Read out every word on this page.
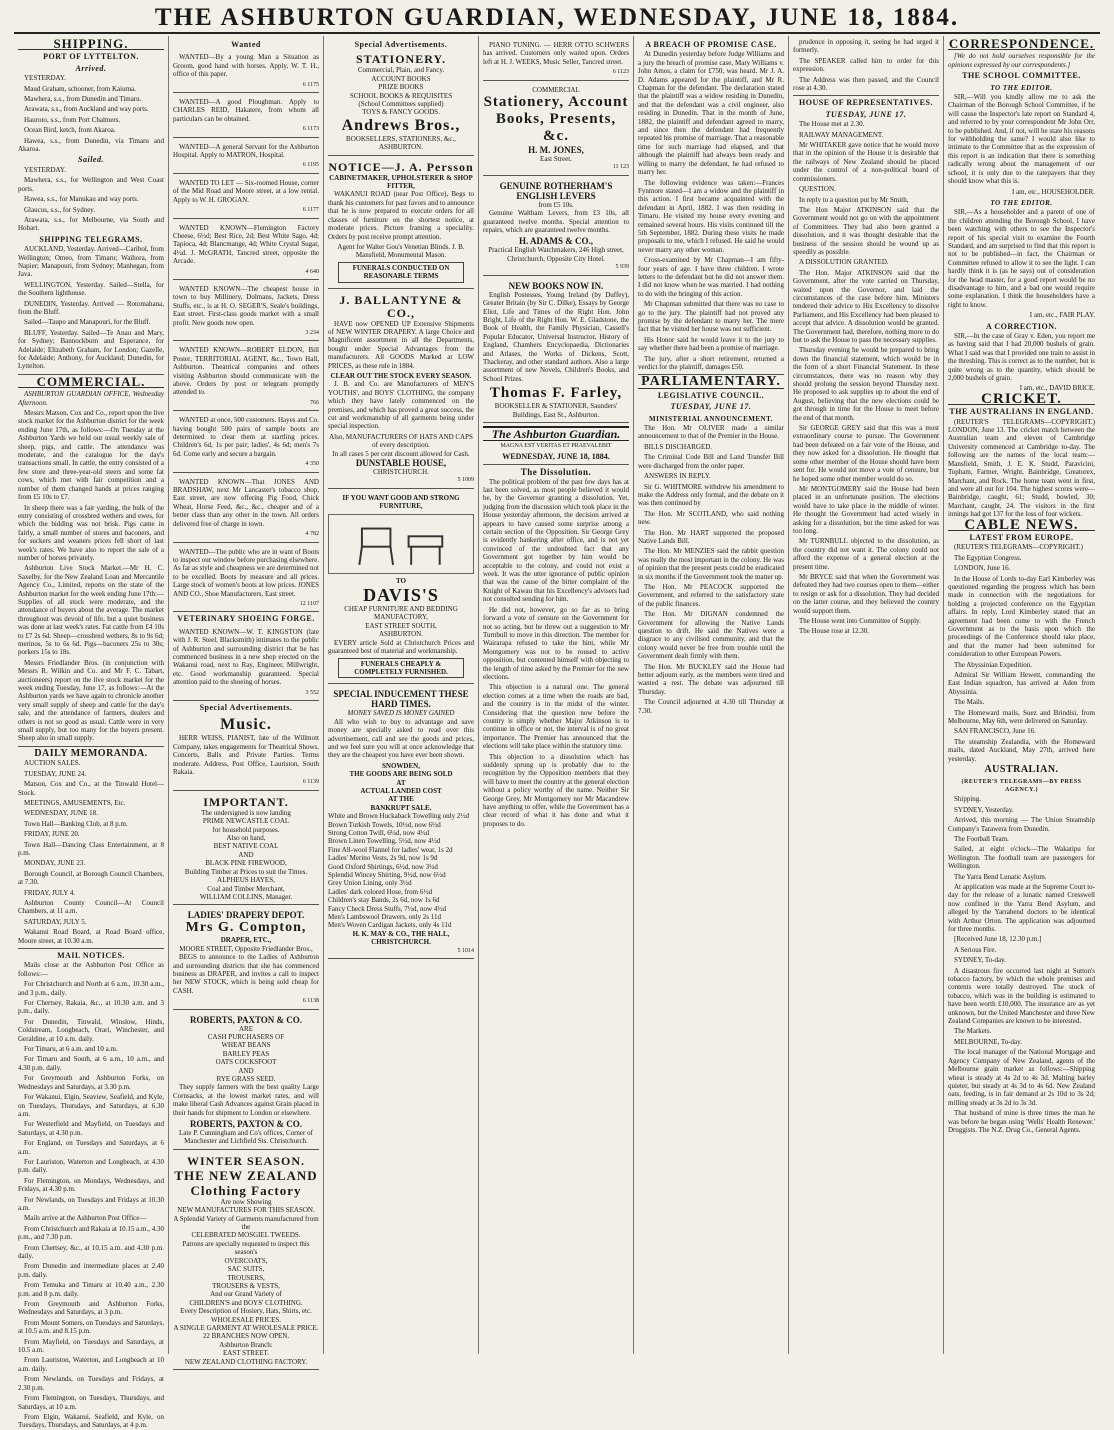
THE ASHBURTON GUARDIAN, WEDNESDAY, JUNE 18, 1884.
SHIPPING.
PORT OF LYTTELTON.
Arrived.
YESTERDAY.
Maud Graham, schooner, from Kaiuma.
Mawhera, s.s., from Dunedin and Timaru.
Arawata, s.s., from Auckland and way ports.
Hauroto, s.s., from Port Chalmers.
Ocean Bird, ketch, from Akaroa.
Hawea, s.s., from Dunedin, via Timaru and Akaroa.
Sailed.
YESTERDAY.
Mawhera, s.s., for Wellington and West Coast ports.
Hawea, s.s., for Manukau and way ports.
Glaucus, s.s., for Sydney.
Arawata, s.s., for Melbourne, via South and Hobart.
SHIPPING TELEGRAMS.
AUCKLAND, Yesterday. Arrived—Caribol, from Wellington; Omeo, from Timaru; Waihora, from Napier; Manapouri, from Sydney; Manhegan, from Java.
WELLINGTON, Yesterday. Sailed—Stella, for the Southern lighthouse.
DUNEDIN, Yesterday. Arrived — Rotomahana, from the Bluff.
Sailed—Taupo and Manapouri, for the Bluff.
BLUFF, Yesterday. Sailed—Te Anau and Mary, for Sydney; Bannockburn and Esperance, for Adelaide; Elizabeth Graham, for London; Gazelle, for Adelaide; Anthony, for Auckland; Dunedin, for Lyttelton.
COMMERCIAL.
ASHBURTON GUARDIAN OFFICE, Wednesday Afternoon.
Messrs Matson, Cox and Co., report upon the live stock market for the Ashburton district for the week ending June 17th, as follows:—On Tuesday at the Ashburton Yards we held our usual weekly sale of sheep, pigs, and cattle. The attendance was moderate, and the catalogue for the day's transactions small. In cattle, the entry consisted of a few store and three-year-old steers and some fat cows, which met with fair competition and a number of them changed hands at prices ranging from £5 10s to £7.
In sheep there was a fair yarding, the bulk of the entry consisting of crossbred wethers and ewes, for which the bidding was not brisk. Pigs came in fairly, a small number of stores and baconers, and for suckers and weaners prices fell short of last week's rates. We have also to report the sale of a number of horses privately.
Ashburton Live Stock Market.—Mr H. C. Saxelby, for the New Zealand Loan and Mercantile Agency Co., Limited, reports on the state of the Ashburton market for the week ending June 17th:—Supplies of all stock were moderate, and the attendance of buyers about the average. The market throughout was devoid of life, but a quiet business was done at last week's rates. Fat cattle from £4 10s to £7 2s 6d. Sheep—crossbred wethers, 8s to 9s 6d; merinos, 5s to 6s 6d. Pigs—baconers 25s to 30s; porkers 15s to 18s.
Messrs Friedlander Bros. (in conjunction with Messrs R. Wilkin and Co. and Mr F. C. Tabart, auctioneers) report on the live stock market for the week ending Tuesday, June 17, as follows:—At the Ashburton yards we have again to chronicle another very small supply of sheep and cattle for the day's sale, and the attendance of farmers, dealers and others is not so good as usual. Cattle were in very small supply, but too many for the buyers present. Sheep also in small supply.
DAILY MEMORANDA.
AUCTION SALES.
TUESDAY, JUNE 24.
Matson, Cox and Co., at the Tinwald Hotel—Stock.
MEETINGS, AMUSEMENTS, Etc.
WEDNESDAY, JUNE 18.
Town Hall—Banking Club, at 8 p.m.
FRIDAY, JUNE 20.
Town Hall—Dancing Class Entertainment, at 8 p.m.
MONDAY, JUNE 23.
Borough Council, at Borough Council Chambers, at 7.30.
FRIDAY, JULY 4.
Ashburton County Council—At Council Chambers, at 11 a.m.
SATURDAY, JULY 5.
Wakanui Road Board, at Road Board office, Moore street, at 10.30 a.m.
MAIL NOTICES.
Mails close at the Ashburton Post Office as follows:—
For Christchurch and North at 6 a.m., 10.30 a.m., and 3 p.m., daily.
For Chertsey, Rakaia, &c., at 10.30 a.m. and 3 p.m., daily.
For Dunedin, Tinwald, Winslow, Hinds, Coldstream, Longbeach, Orari, Winchester, and Geraldine, at 10 a.m. daily.
For Timaru, at 6 a.m. and 10 a.m.
For Timaru and South, at 6 a.m., 10 a.m., and 4.30 p.m. daily.
For Greymouth and Ashburton Forks, on Wednesdays and Saturdays, at 3.30 p.m.
For Wakanui, Elgin, Seaview, Seafield, and Kyle, on Tuesdays, Thursdays, and Saturdays, at 6.30 a.m.
For Westerfield and Mayfield, on Tuesdays and Saturdays, at 4.30 p.m.
For England, on Tuesdays and Saturdays, at 6 a.m.
For Lauriston, Waterton and Longbeach, at 4.30 p.m. daily.
For Flemington, on Mondays, Wednesdays, and Fridays, at 4.30 p.m.
For Newlands, on Tuesdays and Fridays at 10.30 a.m.
Mails arrive at the Ashburton Post Office—
From Christchurch and Rakaia at 10.15 a.m., 4.30 p.m., and 7.30 p.m.
From Chertsey, &c., at 10.15 a.m. and 4.30 p.m. daily.
From Dunedin and intermediate places at 2.40 p.m. daily.
From Temuka and Timaru at 10.40 a.m., 2.30 p.m. and 8 p.m. daily.
From Greymouth and Ashburton Forks, Wednesdays and Saturdays, at 3 p.m.
From Mount Somers, on Tuesdays and Saturdays, at 10.5 a.m. and 8.15 p.m.
From Mayfield, on Tuesdays and Saturdays, at 10.5 a.m.
From Lauriston, Waterton, and Longbeach at 10 a.m. daily.
From Newlands, on Tuesdays and Fridays, at 2.30 p.m.
From Flemington, on Tuesdays, Thursdays, and Saturdays, at 10 a.m.
From Elgin, Wakanui, Seafield, and Kyle, on Tuesdays, Thursdays, and Saturdays, at 4 p.m.
Wanted
WANTED—By a young Man a Situation as Groom, good hand with horses. Apply, W. T. H., office of this paper.
6 1175
WANTED—A good Ploughman. Apply to CHARLES REID, Hakatere, from whom all particulars can be obtained.
6 1173
WANTED—A general Servant for the Ashburton Hospital. Apply to MATRON, Hospital.
6 1195
WANTED TO LET — Six-roomed House, corner of the Mid Road and Moore street, at a low rental. Apply to W. H. GROGAN.
6 1177
WANTED KNOWN—Flemington Factory Cheese, 6½d; Best Rice, 2d; Best White Sago, 4d; Tapioca, 4d; Blancmange, 4d; White Crystal Sugar, 4½d. J. McGRATH, Tancred street, opposite the Arcade.
4 640
WANTED KNOWN—The cheapest house in town to buy Millinery, Dolmans, Jackets, Dress Stuffs, etc., is at H. O. SEGER'S, Seale's buildings, East street. First-class goods market with a small profit. New goods now open.
3 234
WANTED KNOWN—ROBERT ELDON, Bill Poster, TERRITORIAL AGENT, &c., Town Hall, Ashburton. Theatrical companies and others visiting Ashburton should communicate with the above. Orders by post or telegram promptly attended to.
766
WANTED at once, 500 customers. Hayes and Co. having bought 500 pairs of sample boots are determined to clear them at startling prices. Children's 6d, 1s per pair; ladies', 4s 6d; men's 7s 6d. Come early and secure a bargain.
4 350
WANTED KNOWN—That JONES AND BRADSHAW, next Mr Lancaster's tobacco shop, East street, are now offering Pig Food, Chick Wheat, Horse Feed, &c., &c., cheaper and of a better class than any other in the town. All orders delivered free of charge in town.
4 782
WANTED—The public who are in want of Boots to inspect our window before purchasing elsewhere. As far as style and cheapness we are determined not to be excelled. Boots by measure and all prices. Large stock of women's boots at low prices. JONES AND CO., Shoe Manufacturers, East street.
12 1107
VETERINARY SHOEING FORGE.
WANTED KNOWN—W. T. KINGSTON (late with J. R. Steel, Blacksmith) intimates to the public of Ashburton and surrounding district that he has commenced business in a new shop erected on the Wakanui road, next to Ray, Engineer, Millwright, etc. Good workmanship guaranteed. Special attention paid to the shoeing of horses.
3 552
Special Advertisements.
Music.
HERR WEISS, PIANIST, late of the Willmott Company, takes engagements for Theatrical Shows, Concerts, Balls and Private Parties. Terms moderate. Address, Post Office, Lauriston, South Rakaia.
6 1139
IMPORTANT.
The undersigned is now landing
PRIME NEWCASTLE COAL
for household purposes.
Also on hand,
BEST NATIVE COAL
AND
BLACK PINE FIREWOOD,
Building Timber at Prices to suit the Times.
ALPHEUS HAYES,
Coal and Timber Merchant,
WILLIAM COLLINS, Manager.
LADIES' DRAPERY DEPOT.
Mrs G. Compton,
DRAPER, ETC.,
MOORE STREET, Opposite Friedlander Bros.,
BEGS to announce to the Ladies of Ashburton and surrounding districts that she has commenced business as DRAPER, and invites a call to inspect her NEW STOCK, which is being sold cheap for CASH.
6 1138
ROBERTS, PAXTON & CO.
ARE
CASH PURCHASERS OF
WHEAT BEANS
BARLEY PEAS
OATS COCKSFOOT
AND
RYE GRASS SEED.
They supply farmers with the best quality Large Cornsacks, at the lowest market rates, and will make liberal Cash Advances against Grain placed in their hands for shipment to London or elsewhere.
ROBERTS, PAXTON & CO.
Late P. Cunningham and Co's offices, Corner of Manchester and Lichfield Sts. Christchurch.
WINTER SEASON.
THE NEW ZEALAND Clothing Factory
Are now Showing
NEW MANUFACTURES FOR THIS SEASON.
A Splendid Variety of Garments manufactured from the
CELEBRATED MOSGIEL TWEEDS.
Patrons are specially requested to inspect this season's
OVERCOATS,
SAC SUITS,
TROUSERS,
TROUSERS & VESTS,
And our Grand Variety of
CHILDREN'S and BOYS' CLOTHING.
Every Description of Hosiery, Hats, Shirts, etc.
WHOLESALE PRICES.
A SINGLE GARMENT AT WHOLESALE PRICE.
22 BRANCHES NOW OPEN.
Ashburton Branch:
EAST STREET.
NEW ZEALAND CLOTHING FACTORY.
Special Advertisements.
STATIONERY.
Commercial, Plain, and Fancy.
ACCOUNT BOOKS
PRIZE BOOKS
SCHOOL BOOKS & REQUISITES
(School Committees supplied)
TOYS & FANCY GOODS.
Andrews Bros.,
BOOKSELLERS, STATIONERS, &c., ASHBURTON.
NOTICE—J. A. Persson
CABINETMAKER, UPHOLSTERER & SHOP FITTER,
WAKANUI ROAD (near Post Office), Begs to thank his customers for past favors and to announce that he is now prepared to execute orders for all classes of furniture on the shortest notice, at moderate prices. Picture framing a speciality. Orders by post receive prompt attention.
Agent for Walter Gou's Venetian Blinds. J. B. Mansfield, Monumental Mason.
FUNERALS CONDUCTED ON REASONABLE TERMS
J. BALLANTYNE & CO.,
HAVE now OPENED UP Extensive Shipments of NEW WINTER DRAPERY. A large Choice and Magnificent assortment in all the Departments, bought under Special Advantages from the manufacturers. All GOODS Marked at LOW PRICES, as these rule in 1884.
CLEAR OUT THE STOCK EVERY SEASON.
J. B. and Co. are Manufacturers of MEN'S YOUTHS', and BOYS' CLOTHING, the company which they have lately commenced on the premises, and which has proved a great success, the cut and workmanship of all garments being under special inspection.
Also, MANUFACTURERS OF HATS AND CAPS of every description.
In all cases 5 per cent discount allowed for Cash.
DUNSTABLE HOUSE,
CHRISTCHURCH.
5 1009
IF YOU WANT GOOD AND STRONG FURNITURE,
TO
DAVIS'S
CHEAP FURNITURE AND BEDDING MANUFACTORY,
EAST STREET SOUTH,
ASHBURTON.
EVERY article Sold at Christchurch Prices and guaranteed best of material and workmanship.
FUNERALS CHEAPLY & COMPLETELY FURNISHED.
SPECIAL INDUCEMENT THESE HARD TIMES.
MONEY SAVED IS MONEY GAINED
All who wish to buy to advantage and save money are specially asked to read over this advertisement, call and see the goods and prices, and we feel sure you will at once acknowledge that they are the cheapest you have ever been shown.
SNOWDEN,
THE GOODS ARE BEING SOLD
AT
ACTUAL LANDED COST
AT THE
BANKRUPT SALE.
White and Brown Huckaback Towelling only 2½d
Brown Turkish Towels, 10½d, now 6½d
Strong Cotton Twill, 6¼d, now 4½d
Brown Linen Towelling, 5½d, now 4½d
Fine All-wool Flannel for ladies' wear, 1s 2d
Ladies' Merino Vests, 2s 9d, now 1s 9d
Good Oxford Shirtings, 6½d, now 3¼d
Splendid Wincey Shirting, 9½d, now 6½d
Grey Union Lining, only 3½d
Ladies' dark colored Hose, from 6½d
Children's stay Bands, 2s 6d, now 1s 6d
Fancy Check Dress Stuffs, 7½d, now 4½d
Men's Lambswool Drawers, only 2s 11d
Men's Woven Cardigan Jackets, only 4s 11d
H. K. MAY & CO., THE HALL, CHRISTCHURCH.
5 1014
PIANO TUNING. — HERR OTTO SCHWERS has arrived. Customers only waited upon. Orders left at H. J. WEEKS, Music Seller, Tancred street.
6 1123
COMMERCIAL
Stationery, Account Books, Presents, &c.
H. M. JONES,
East Street.
11 123
GENUINE ROTHERHAM'S ENGLISH LEVERS
from £5 10s.
Genuine Waltham Levers, from £3 10s, all guaranteed twelve months. Special attention to repairs, which are guaranteed twelve months.
H. ADAMS & CO.,
Practical English Watchmakers, 246 High street, Christchurch, Opposite City Hotel.
5 939
NEW BOOKS NOW IN.
English Postesses, Young Ireland (by Duffey), Greater Britain (by Sir C. Dilke), Essays by George Eliot, Life and Times of the Right Hon. John Bright, Life of the Right Hon. W. E. Gladstone, the Book of Health, the Family Physician, Cassell's Popular Educator, Universal Instructor, History of England, Chambers Encyclopaedia, Dictionaries and Atlases, the Works of Dickens, Scott, Thackeray, and other standard authors. Also a large assortment of new Novels, Children's Books, and School Prizes.
Thomas F. Farley,
BOOKSELLER & STATIONER, Saunders' Buildings, East St., Ashburton.
The Ashburton Guardian.
MAGNA EST VERITAS ET PRAEVALEBIT
WEDNESDAY, JUNE 18, 1884.
The Dissolution.
The political problem of the past few days has at last been solved, as most people believed it would be, by the Governor granting a dissolution. Yet, judging from the discussion which took place in the House yesterday afternoon, the decision arrived at appears to have caused some surprise among a certain section of the Opposition. Sir George Grey is evidently hankering after office, and is not yet convinced of the undoubted fact that any Government got together by him would be acceptable to the colony, and could not exist a week. It was the utter ignorance of public opinion that was the cause of the bitter complaint of the Knight of Kawau that his Excellency's advisers had not consulted sending for him.
He did not, however, go so far as to bring forward a vote of censure on the Government for not so acting, but he threw out a suggestion to Mr Turnbull to move in this direction. The member for Wairarapa refused to take the hint, while Mr Montgomery was not to be roused to active opposition, but contented himself with objecting to the length of time asked by the Premier for the new elections.
This objection is a natural one. The general election comes at a time when the roads are bad, and the country is in the midst of the winter. Considering that the question now before the country is simply whether Major Atkinson is to continue in office or not, the interval is of no great importance. The Premier has announced that the elections will take place within the statutory time.
This objection to a dissolution which has suddenly sprung up is probably due to the recognition by the Opposition members that they will have to meet the country at the general election without a policy worthy of the name. Neither Sir George Grey, Mr Montgomery nor Mr Macandrew have anything to offer, while the Government has a clear record of what it has done and what it proposes to do.
A BREACH OF PROMISE CASE.
At Dunedin yesterday before Judge Williams and a jury the breach of promise case, Mary Williams v. John Amos, a claim for £750, was heard. Mr J. A. D. Adams appeared for the plaintiff, and Mr R. Chapman for the defendant. The declaration stated that the plaintiff was a widow residing in Dunedin, and that the defendant was a civil engineer, also residing in Dunedin. That in the month of June, 1882, the plaintiff and defendant agreed to marry, and since then the defendant had frequently repeated his promise of marriage. That a reasonable time for such marriage had elapsed, and that although the plaintiff had always been ready and willing to marry the defendant, he had refused to marry her.
The following evidence was taken:—Frances Fynmore stated—I am a widow and the plaintiff in this action. I first became acquainted with the defendant in April, 1882. I was then residing in Timaru. He visited my house every evening and remained several hours. His visits continued till the 5th September, 1882. During these visits he made proposals to me, which I refused. He said he would never marry any other woman.
Cross-examined by Mr Chapman—I am fifty-four years of age. I have three children. I wrote letters to the defendant but he did not answer them. I did not know when he was married. I had nothing to do with the bringing of this action.
Mr Chapman submitted that there was no case to go to the jury. The plaintiff had not proved any promise by the defendant to marry her. The mere fact that he visited her house was not sufficient.
His Honor said he would leave it to the jury to say whether there had been a promise of marriage.
The jury, after a short retirement, returned a verdict for the plaintiff, damages £50.
PARLIAMENTARY.
LEGISLATIVE COUNCIL.
TUESDAY, JUNE 17.
MINISTERIAL ANNOUNCEMENT.
The Hon. Mr OLIVER made a similar announcement to that of the Premier in the House.
BILLS DISCHARGED.
The Criminal Code Bill and Land Transfer Bill were discharged from the order paper.
ANSWERS IN REPLY.
Sir G. WHITMORE withdrew his amendment to make the Address only formal, and the debate on it was then continued by
The Hon. Mr SCOTLAND, who said nothing new.
The Hon. Mr HART supported the proposed Native Lands Bill.
The Hon. Mr MENZIES said the rabbit question was really the most important in the colony. He was of opinion that the present pests could be eradicated in six months if the Government took the matter up.
The Hon. Mr PEACOCK supported the Government, and referred to the satisfactory state of the public finances.
The Hon. Mr DIGNAN condemned the Government for allowing the Native Lands question to drift. He said the Natives were a disgrace to any civilised community, and that the colony would never be free from trouble until the Government dealt firmly with them.
The Hon. Mr BUCKLEY said the House had better adjourn early, as the members were tired and wanted a rest. The debate was adjourned till Thursday.
The Council adjourned at 4.30 till Thursday at 7.30.
prudence in opposing it, seeing he had urged it formerly.
The SPEAKER called him to order for this expression.
The Address was then passed, and the Council rose at 4.30.
HOUSE OF REPRESENTATIVES.
TUESDAY, JUNE 17.
The House met at 2.30.
RAILWAY MANAGEMENT.
Mr WHITAKER gave notice that he would move that in the opinion of the House it is desirable that the railways of New Zealand should be placed under the control of a non-political board of commissioners.
QUESTION.
In reply to a question put by Mr Smith,
The Hon Major ATKINSON said that the Government would not go on with the appointment of Committees. They had also been granted a dissolution, and it was thought desirable that the business of the session should be wound up as speedily as possible.
A DISSOLUTION GRANTED.
The Hon. Major ATKINSON said that the Government, after the vote carried on Thursday, waited upon the Governor, and laid the circumstances of the case before him. Ministers tendered their advice to His Excellency to dissolve Parliament, and His Excellency had been pleased to accept that advice. A dissolution would be granted. The Government had, therefore, nothing more to do but to ask the House to pass the necessary supplies.
Thursday evening he would be prepared to bring down the financial statement, which would be in the form of a short Financial Statement. In these circumstances, there was no reason why they should prolong the session beyond Thursday next. He proposed to ask supplies up to about the end of August, believing that the new elections could be got through in time for the House to meet before the end of that month.
Sir GEORGE GREY said that this was a most extraordinary course to pursue. The Government had been defeated on a fair vote of the House, and they now asked for a dissolution. He thought that some other member of the House should have been sent for. He would not move a vote of censure, but he hoped some other member would do so.
Mr MONTGOMERY said the House had been placed in an unfortunate position. The elections would have to take place in the middle of winter. He thought the Government had acted wisely in asking for a dissolution, but the time asked for was too long.
Mr TURNBULL objected to the dissolution, as the country did not want it. The colony could not afford the expense of a general election at the present time.
Mr BRYCE said that when the Government was defeated they had two courses open to them—either to resign or ask for a dissolution. They had decided on the latter course, and they believed the country would support them.
The House went into Committee of Supply.
The House rose at 12.30.
CORRESPONDENCE.
[We do not hold ourselves responsible for the opinions expressed by our correspondents.]
THE SCHOOL COMMITTEE.
TO THE EDITOR.
SIR,—Will you kindly allow me to ask the Chairman of the Borough School Committee, if he will cause the Inspector's late report on Standard 4, and referred to by your correspondent Mr John Orr, to be published. And, if not, will he state his reasons for withholding the same? I would also like to intimate to the Committee that as the expression of this report is an indication that there is something radically wrong about the management of our school, it is only due to the ratepayers that they should know what this is.
I am, etc., HOUSEHOLDER.
TO THE EDITOR.
SIR,—As a householder and a parent of one of the children attending the Borough School, I have been watching with others to see the Inspector's report of his special visit to examine the Fourth Standard, and am surprised to find that this report is not to be published—in fact, the Chairman or Committee refused to allow it to see the light. I can hardly think it is (as he says) out of consideration for the head master, for a good report would be no disadvantage to him, and a bad one would require some explanation. I think the householders have a right to know.
I am, etc., FAIR PLAY.
A CORRECTION.
SIR,—In the case of Gray v. Eden, you report me as having said that I had 20,000 bushels of grain. What I said was that I provided one train to assist in the threshing. This is correct as to the number, but is quite wrong as to the quantity, which should be 2,000 bushels of grain.
I am, etc., DAVID BRICE.
CRICKET.
THE AUSTRALIANS IN ENGLAND.
(REUTER'S TELEGRAMS—COPYRIGHT.) LONDON, June 13. The cricket match between the Australian team and eleven of Cambridge University commenced at Cambridge to-day. The following are the names of the local team:—Mansfield, Smith, J. E. K. Studd, Paravicini, Topham, Farmer, Wright, Bainbridge, Greatorex, Marchant, and Rock. The home team went in first, and were all out for 104. The highest scores were—Bainbridge, caught, 61; Studd, bowled, 30; Marchant, caught, 24. The visitors in the first innings had got 137 for the loss of four wickets.
CABLE NEWS.
LATEST FROM EUROPE.
(REUTER'S TELEGRAMS—COPYRIGHT.)
The Egyptian Congress.
LONDON, June 16.
In the House of Lords to-day Earl Kimberley was questioned regarding the progress which has been made in connection with the negotiations for holding a projected conference on the Egyptian affairs. In reply, Lord Kimberley stated that an agreement had been come to with the French Government as to the basis upon which the proceedings of the Conference should take place, and that the matter had been submitted for consideration to other European Powers.
The Abyssinian Expedition.
Admiral Sir William Hewett, commanding the East Indian squadron, has arrived at Aden from Abyssinia.
The Mails.
The Homeward mails, Suez and Brindisi, from Melbourne, May 6th, were delivered on Saturday.
SAN FRANCISCO, June 16.
The steamship Zealandia, with the Homeward mails, dated Auckland, May 27th, arrived here yesterday.
AUSTRALIAN.
(REUTER'S TELEGRAMS—BY PRESS AGENCY.)
Shipping.
SYDNEY, Yesterday.
Arrived, this morning — The Union Steamship Company's Tarawera from Dunedin.
The Football Team.
Sailed, at eight o'clock—The Wakatipu for Wellington. The football team are passengers for Wellington.
The Yarra Bend Lunatic Asylum.
At application was made at the Supreme Court to-day for the release of a lunatic named Cresswell now confined in the Yarra Bend Asylum, and alleged by the Yarrabend doctors to be identical with Arthur Orton. The application was adjourned for three months.
[Received June 18, 12.30 p.m.]
A Serious Fire.
SYDNEY, To-day.
A disastrous fire occurred last night at Sutton's tobacco factory, by which the whole premises and contents were totally destroyed. The stock of tobacco, which was in the building is estimated to have been worth £10,000. The insurance are as yet unknown, but the United Manchester and three New Zealand Companies are known to be interested.
The Markets.
MELBOURNE, To-day.
The local manager of the National Mortgage and Agency Company of New Zealand, agents of the Melbourne grain market as follows:—Shipping wheat is steady at 4s 2d to 4s 3d. Malting barley quieter, but steady at 4s 3d to 4s 6d. New Zealand oats, feeding, is in fair demand at 2s 10d to 3s 2d; milling steady at 3s 2d to 3s 3d.
That husband of mine is three times the man he was before he began using 'Wells' Health Renewer.' Druggists. The N.Z. Drug Co., General Agents.
